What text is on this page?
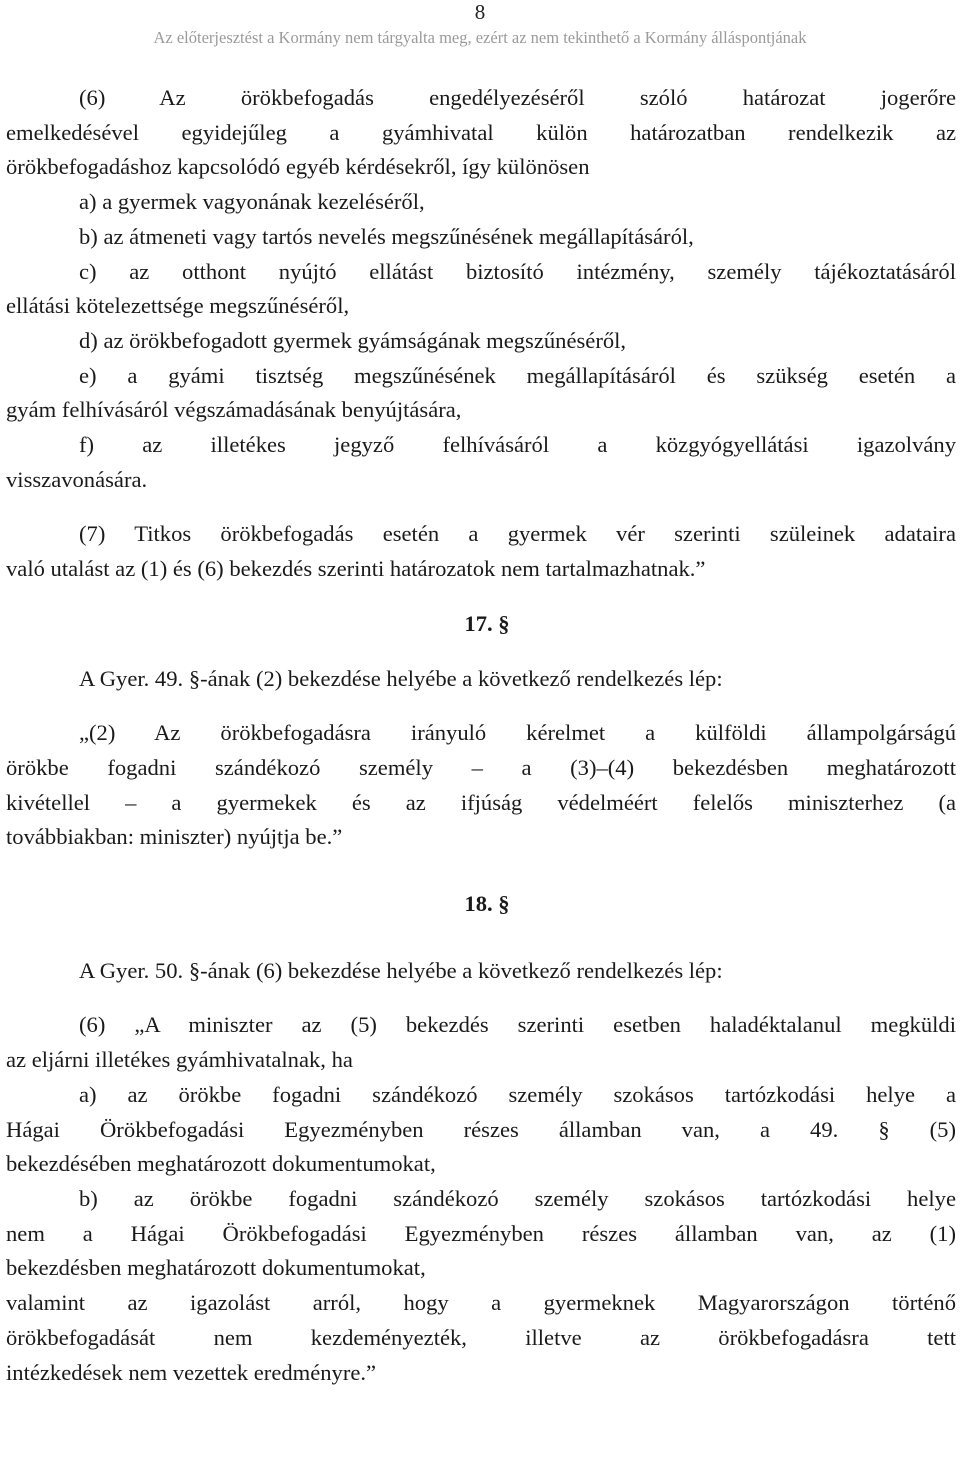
8
Az előterjesztést a Kormány nem tárgyalta meg, ezért az nem tekinthető a Kormány álláspontjának

(6) Az örökbefogadás engedélyezéséről szóló határozat jogerőre
emelkedésével egyidejűleg a gyámhivatal külön határozatban rendelkezik az
örökbefogadáshoz kapcsolódó egyéb kérdésekről, így különösen
a) a gyermek vagyonának kezeléséről,
b) az átmeneti vagy tartós nevelés megszűnésének megállapításáról,
c) az otthont nyújtó ellátást biztosító intézmény, személy tájékoztatásáról
ellátási kötelezettsége megszűnéséről,
d) az örökbefogadott gyermek gyámságának megszűnéséről,
e) a gyámi tisztség megszűnésének megállapításáról és szükség esetén a
gyám felhívásáról végszámadásának benyújtására,
f) az illetékes jegyző felhívásáról a közgyógyellátási igazolvány
visszavonására.

(7) Titkos örökbefogadás esetén a gyermek vér szerinti szüleinek adataira
való utalást az (1) és (6) bekezdés szerinti határozatok nem tartalmazhatnak.”

17. §

A Gyer. 49. §-ának (2) bekezdése helyébe a következő rendelkezés lép:

„(2) Az örökbefogadásra irányuló kérelmet a külföldi állampolgárságú
örökbe fogadni szándékozó személy – a (3)–(4) bekezdésben meghatározott
kivétellel – a gyermekek és az ifjúság védelméért felelős miniszterhez (a
továbbiakban: miniszter) nyújtja be.”

18. §

A Gyer. 50. §-ának (6) bekezdése helyébe a következő rendelkezés lép:

(6) „A miniszter az (5) bekezdés szerinti esetben haladéktalanul megküldi
az eljárni illetékes gyámhivatalnak, ha
a) az örökbe fogadni szándékozó személy szokásos tartózkodási helye a
Hágai Örökbefogadási Egyezményben részes államban van, a 49. § (5)
bekezdésében meghatározott dokumentumokat,
b) az örökbe fogadni szándékozó személy szokásos tartózkodási helye
nem a Hágai Örökbefogadási Egyezményben részes államban van, az (1)
bekezdésben meghatározott dokumentumokat,
valamint az igazolást arról, hogy a gyermeknek Magyarországon történő
örökbefogadását nem kezdeményezték, illetve az örökbefogadásra tett
intézkedések nem vezettek eredményre.”
